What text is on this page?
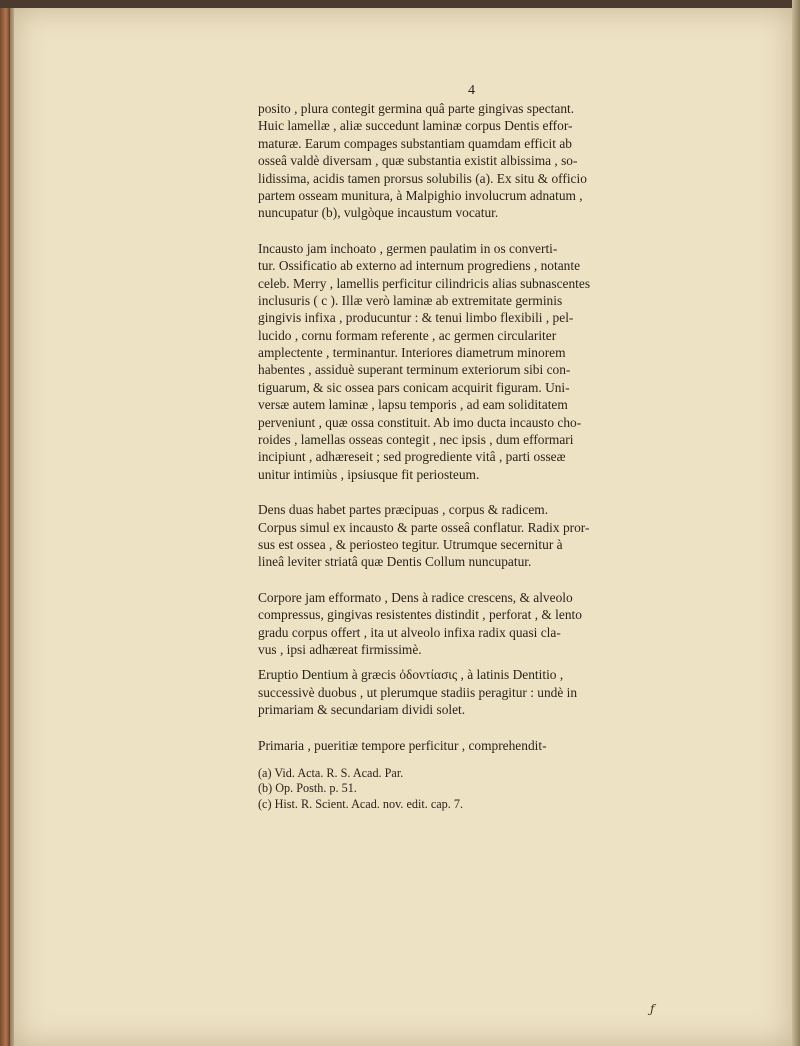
4
posito , plura contegit germina quâ parte gingivas spectant.
Huic lamellæ , aliæ succedunt laminæ corpus Dentis effor-
maturæ. Earum compages substantiam quamdam efficit ab
osseâ valdè diversam , quæ substantia existit albissima , so-
lidissima, acidis tamen prorsus solubilis (a). Ex situ & officio
partem osseam munitura, à Malpighio involucrum adnatum ,
nuncupatur (b), vulgòque incaustum vocatur.
Incausto jam inchoato , germen paulatim in os converti-
tur. Ossificatio ab externo ad internum progrediens , notante
celeb. Merry , lamellis perficitur cilindricis alias subnascentes
inclusuris ( c ). Illæ verò laminæ ab extremitate germinis
gingivis infixa , producuntur : & tenui limbo flexibili , pel-
lucido , cornu formam referente , ac germen circulariter
amplectente , terminantur. Interiores diametrum minorem
habentes , assiduè superant terminum exteriorum sibi con-
tiguarum, & sic ossea pars conicam acquirit figuram. Uni-
versæ autem laminæ , lapsu temporis , ad eam soliditatem
perveniunt , quæ ossa constituit. Ab imo ducta incausto cho-
roides , lamellas osseas contegit , nec ipsis , dum efformari
incipiunt , adhæreseit ; sed progrediente vitâ , parti osseæ
unitur intimiùs , ipsiusque fit periosteum.
Dens duas habet partes præcipuas , corpus & radicem.
Corpus simul ex incausto & parte osseâ conflatur. Radix pror-
sus est ossea , & periosteo tegitur. Utrumque secernitur à
lineâ leviter striatâ quæ Dentis Collum nuncupatur.
Corpore jam efformato , Dens à radice crescens, & alveolo
compressus, gingivas resistentes distindit , perforat , & lento
gradu corpus offert , ita ut alveolo infixa radix quasi cla-
vus , ipsi adhæreat firmissimè.
Eruptio Dentium à græcis ὀδοντίασις , à latinis Dentitio ,
successivè duobus , ut plerumque stadiis peragitur : undè in
primariam & secundariam dividi solet.
Primaria , pueritiæ tempore perficitur , comprehendit-
(a) Vid. Acta. R. S. Acad. Par.
(b) Op. Posth. p. 51.
(c) Hist. R. Scient. Acad. nov. edit. cap. 7.
ƒ
